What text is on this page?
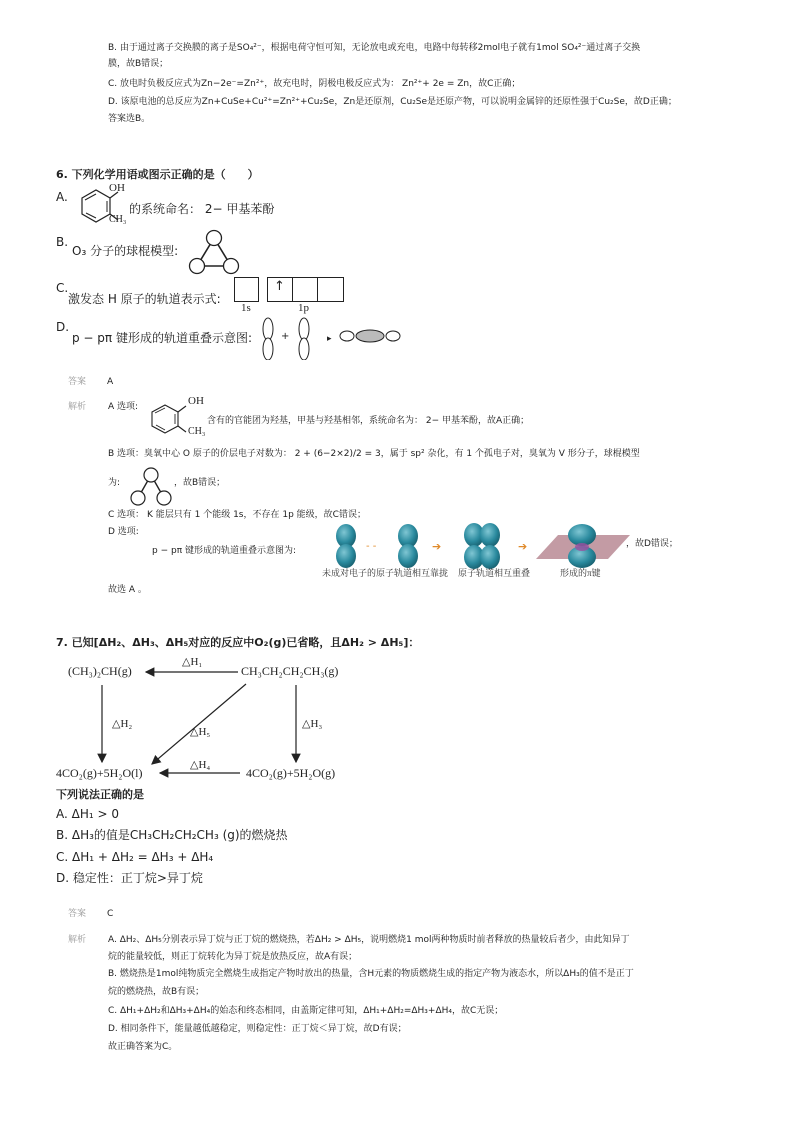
B. 由于通过离子交换膜的离子是SO₄²⁻，根据电荷守恒可知，无论放电或充电，电路中每转移2mol电子就有1mol SO₄²⁻通过离子交换
膜，故B错误；
C. 放电时负极反应式为Zn−2e⁻=Zn²⁺，故充电时，阴极电极反应式为： Zn²⁺+ 2e = Zn，故C正确；
D. 该原电池的总反应为Zn+CuSe+Cu²⁺=Zn²⁺+Cu₂Se，Zn是还原剂，Cu₂Se是还原产物，可以说明金属锌的还原性强于Cu₂Se，故D正确；
答案选B。
6. 下列化学用语或图示正确的是（　　）
A.
OH
CH₃
的系统命名： 2− 甲基苯酚
B.
O₃ 分子的球棍模型:
C.
激发态 H 原子的轨道表示式:
↑
1s	1p
D.
p − pπ 键形成的轨道重叠示意图:	+	▸
答案 A
解析 A 选项:	OH
CH₃
含有的官能团为羟基，甲基与羟基相邻，系统命名为： 2− 甲基苯酚，故A正确；
B 选项：臭氧中心 O 原子的价层电子对数为： 2 + (6−2×2)/2 = 3，属于 sp² 杂化，有 1 个孤电子对，臭氧为 V 形分子，球棍模型
为:	，故B错误；
C 选项： K 能层只有 1 个能级 1s，不存在 1p 能级，故C错误；
D 选项:
p − pπ 键形成的轨道重叠示意图为:	- -	➔	➔	，故D错误；
未成对电子的原子轨道相互靠拢 原子轨道相互重叠	形成的π键
故选 A 。
7. 已知[ΔH₂、ΔH₃、ΔH₅对应的反应中O₂(g)已省略，且ΔH₂ > ΔH₅]：
(CH₃)₂CH(g)	CH₃CH₂CH₂CH₃(g)
4CO₂(g)+5H₂O(l)	4CO₂(g)+5H₂O(g)
△H₁
△H₂
△H₅
△H₃
△H₄
下列说法正确的是
A. ΔH₁ > 0
B. ΔH₃的值是CH₃CH₂CH₂CH₃ (g)的燃烧热
C. ΔH₁ + ΔH₂ = ΔH₃ + ΔH₄
D. 稳定性：正丁烷>异丁烷
答案 C
解析 A. ΔH₂、ΔH₅分别表示异丁烷与正丁烷的燃烧热，若ΔH₂ > ΔH₅，说明燃烧1 mol两种物质时前者释放的热量较后者少，由此知异丁
烷的能量较低，则正丁烷转化为异丁烷是放热反应，故A有误；
B. 燃烧热是1mol纯物质完全燃烧生成指定产物时放出的热量，含H元素的物质燃烧生成的指定产物为液态水，所以ΔH₃的值不是正丁
烷的燃烧热，故B有误；
C. ΔH₁+ΔH₂和ΔH₃+ΔH₄的始态和终态相同，由盖斯定律可知，ΔH₁+ΔH₂=ΔH₃+ΔH₄，故C无误；
D. 相同条件下，能量越低越稳定，则稳定性：正丁烷＜异丁烷，故D有误；
故正确答案为C。
